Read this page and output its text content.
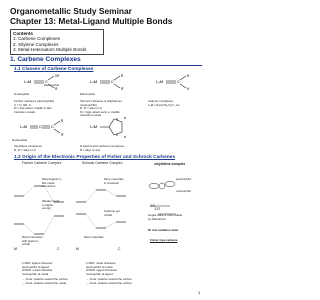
Organometallic Study Seminar
Chapter 13: Metal-Ligand Multiple Bonds
Contents
1. Carbene Complexes
2. Silylene Complexes
3. Metal-Heteroatom Multiple Bonds
1. Carbene Complexes
1.1 Classes of Carbene Complexes
LₙM	C
XR
R'
LₙM	C
R
R'
L₅M	C
R
H
LₙM	C C
R
R'
LₙM
N
N
R
R
Nucleophile
Electrophile
Fischer carbenes (electrophilic)
X = O, NR, S
M = low-valent, middle or late
transition metals
Electrophile
Schrock carbenes or Alkylidenes
(nucleophilic)
R, R' = alkyl or H
M = high-valent early or middle
transition metals
Cationic complexes
L₅M = [Fe(CO)₂Cp]⁺, etc.
Nucleophile
Vinylidene complexes
R, R' = alkyl or H
N-heterocyclic carbene complexes
R = alkyl or aryl
1.2 Origin of the Electronic Properties of Fisher and Schrock Carbenes
Fischer Carbene Complex	Schrock Carbene Complex
M	C	M	C
Mixed ligand π-like metal interaction
Weaker bond to higher energy
Bond interaction with ligand σ-orbital
More metal like in character
Carbene sp² orbital
More metal like
vinylidene complex
:CO
electrophilic
nucleophilic
CO
singlet state is more stable
by 40kcal/mol
M: low oxidation state
Fisher type carbene
LUMO: ligand character
electrophilic at ligand
HOMO: metal character
nucleophilic at metal
→ bond: polarize toward the carbon
→ bond: polarize toward the metal
LUMO: metal character
electrophilic at metal
HOMO: ligand character
nucleophilic at ligand
→ bond: polarize toward the carbon
→ bond: polarize toward the carbon
1
